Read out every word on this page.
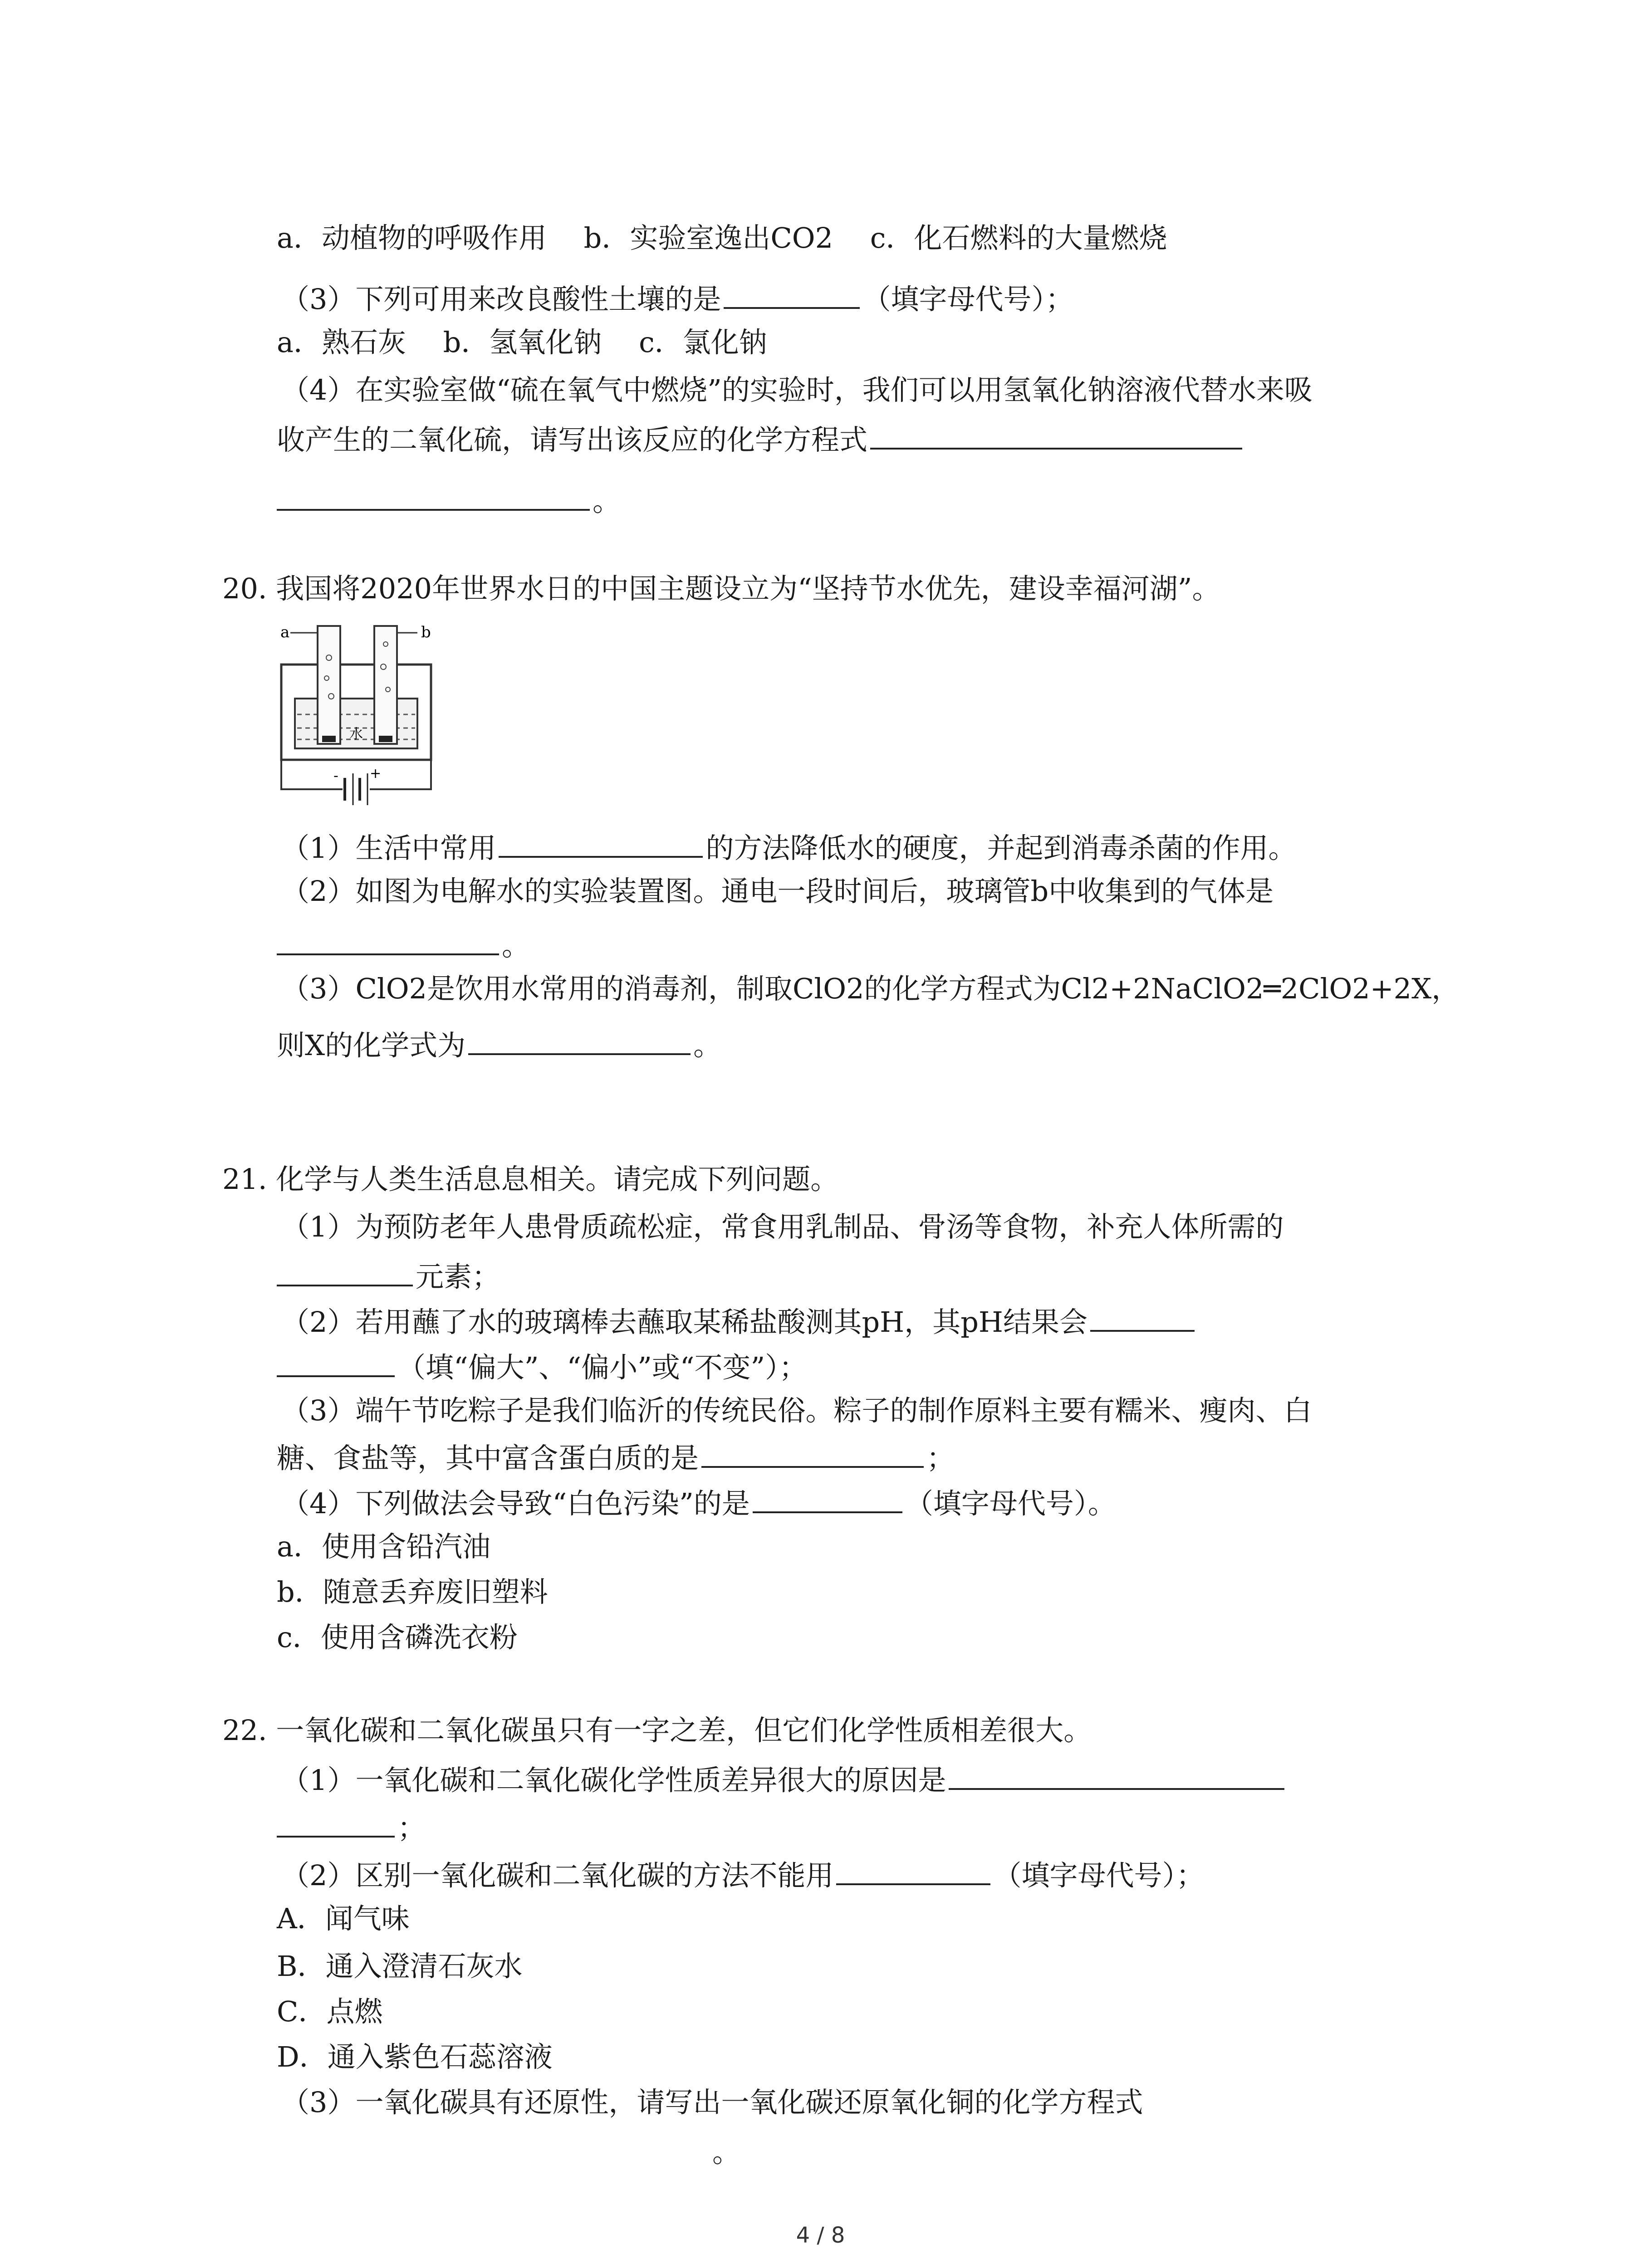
a．动植物的呼吸作用　 b．实验室逸出CO2　 c．化石燃料的大量燃烧
（3）下列可用来改良酸性土壤的是	（填字母代号）；
a．熟石灰　 b．氢氧化钠　 c．氯化钠
（4）在实验室做“硫在氧气中燃烧”的实验时，我们可以用氢氧化钠溶液代替水来吸
收产生的二氧化硫，请写出该反应的化学方程式
。
20. 我国将2020年世界水日的中国主题设立为“坚持节水优先，建设幸福河湖”。
a	b
水
- +
（1）生活中常用	的方法降低水的硬度，并起到消毒杀菌的作用。
（2）如图为电解水的实验装置图。通电一段时间后，玻璃管b中收集到的气体是
。
（3）ClO2是饮用水常用的消毒剂，制取ClO2的化学方程式为Cl2+2NaClO2═2ClO2+2X，
则X的化学式为	。
21. 化学与人类生活息息相关。请完成下列问题。
（1）为预防老年人患骨质疏松症，常食用乳制品、骨汤等食物，补充人体所需的
元素；
（2）若用蘸了水的玻璃棒去蘸取某稀盐酸测其pH，其pH结果会
（填“偏大”、“偏小”或“不变”）；
（3）端午节吃粽子是我们临沂的传统民俗。粽子的制作原料主要有糯米、瘦肉、白
糖、食盐等，其中富含蛋白质的是	；
（4）下列做法会导致“白色污染”的是	（填字母代号）。
a．使用含铅汽油
b．随意丢弃废旧塑料
c．使用含磷洗衣粉
22. 一氧化碳和二氧化碳虽只有一字之差，但它们化学性质相差很大。
（1）一氧化碳和二氧化碳化学性质差异很大的原因是
；
（2）区别一氧化碳和二氧化碳的方法不能用	（填字母代号）；
A．闻气味
B．通入澄清石灰水
C．点燃
D．通入紫色石蕊溶液
（3）一氧化碳具有还原性，请写出一氧化碳还原氧化铜的化学方程式
。
4 / 8
